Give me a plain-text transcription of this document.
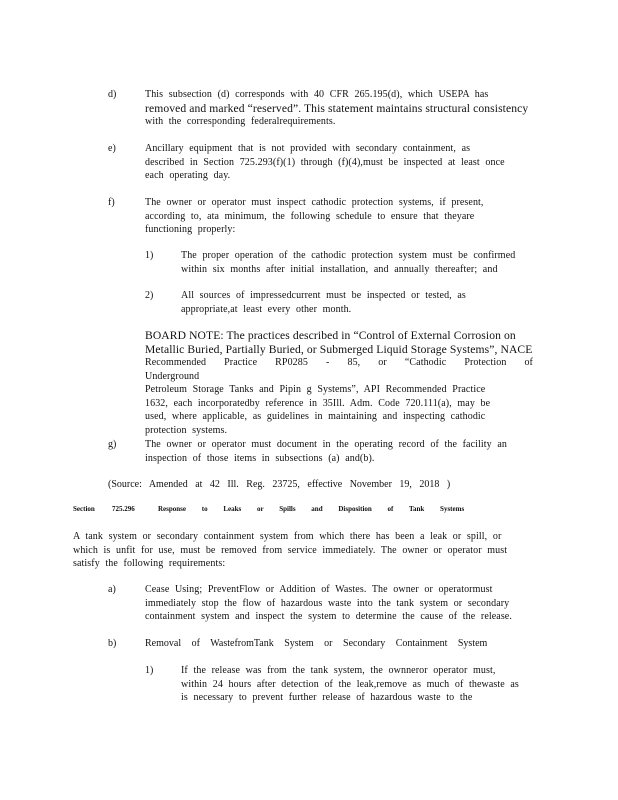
d)	This subsection (d) corresponds with 40 CFR 265.195(d), which USEPA has

removed and marked “reserved”. This statement maintains structural consistency

with the corresponding federalrequirements.

e)	Ancillary equipment that is not provided with secondary containment, as

described in Section 725.293(f)(1) through (f)(4),must be inspected at least once

each operating day.

f)	The owner or operator must inspect cathodic protection systems, if present,

according to, ata minimum, the following schedule to ensure that theyare

functioning properly:

1)	The proper operation of the cathodic protection system must be confirmed

within six months after initial installation, and annually thereafter; and

2)	All sources of impressedcurrent must be inspected or tested, as

appropriate,at least every other month.

BOARD NOTE: The practices described in “Control of External Corrosion on

Metallic Buried, Partially Buried, or Submerged Liquid Storage Systems”, NACE

Recommended Practice RP0285 - 85, or “Cathodic Protection of Underground

Petroleum Storage Tanks and Pipin g Systems”, API Recommended Practice

1632, each incorporatedby reference in 35Ill. Adm. Code 720.111(a), may be

used, where applicable, as guidelines in maintaining and inspecting cathodic

protection systems.

g)	The owner or operator must document in the operating record of the facility an

inspection of those items in subsections (a) and(b).

(Source: Amended at 42 Ill. Reg. 23725, effective November 19, 2018 )
Section 725.296	Response to Leaks or Spills and Disposition of Tank Systems

A tank system or secondary containment system from which there has been a leak or spill, or

which is unfit for use, must be removed from service immediately. The owner or operator must

satisfy the following requirements:

a)	Cease Using; PreventFlow or Addition of Wastes. The owner or operatormust

immediately stop the flow of hazardous waste into the tank system or secondary

containment system and inspect the system to determine the cause of the release.

b)	Removal of WastefromTank System or Secondary Containment System
1)	If the release was from the tank system, the ownneror operator must,

within 24 hours after detection of the leak,remove as much of thewaste as

is necessary to prevent further release of hazardous waste to the
